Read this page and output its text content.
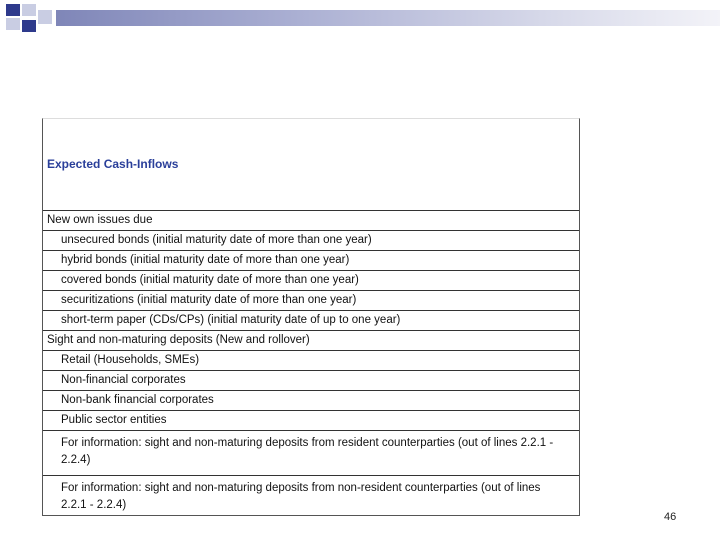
Expected Cash-Inflows
New own issues due
unsecured bonds (initial maturity date of more than one year)
hybrid bonds (initial maturity date of more than one year)
covered bonds (initial maturity date of more than one year)
securitizations (initial maturity date of more than one year)
short-term paper (CDs/CPs) (initial maturity date of up to one year)
Sight and non-maturing deposits (New and rollover)
Retail (Households, SMEs)
Non-financial corporates
Non-bank financial corporates
Public sector entities
For information: sight and non-maturing deposits from resident counterparties (out of lines 2.2.1 - 2.2.4)
For information: sight and non-maturing deposits from non-resident counterparties (out of lines 2.2.1 - 2.2.4)
46
